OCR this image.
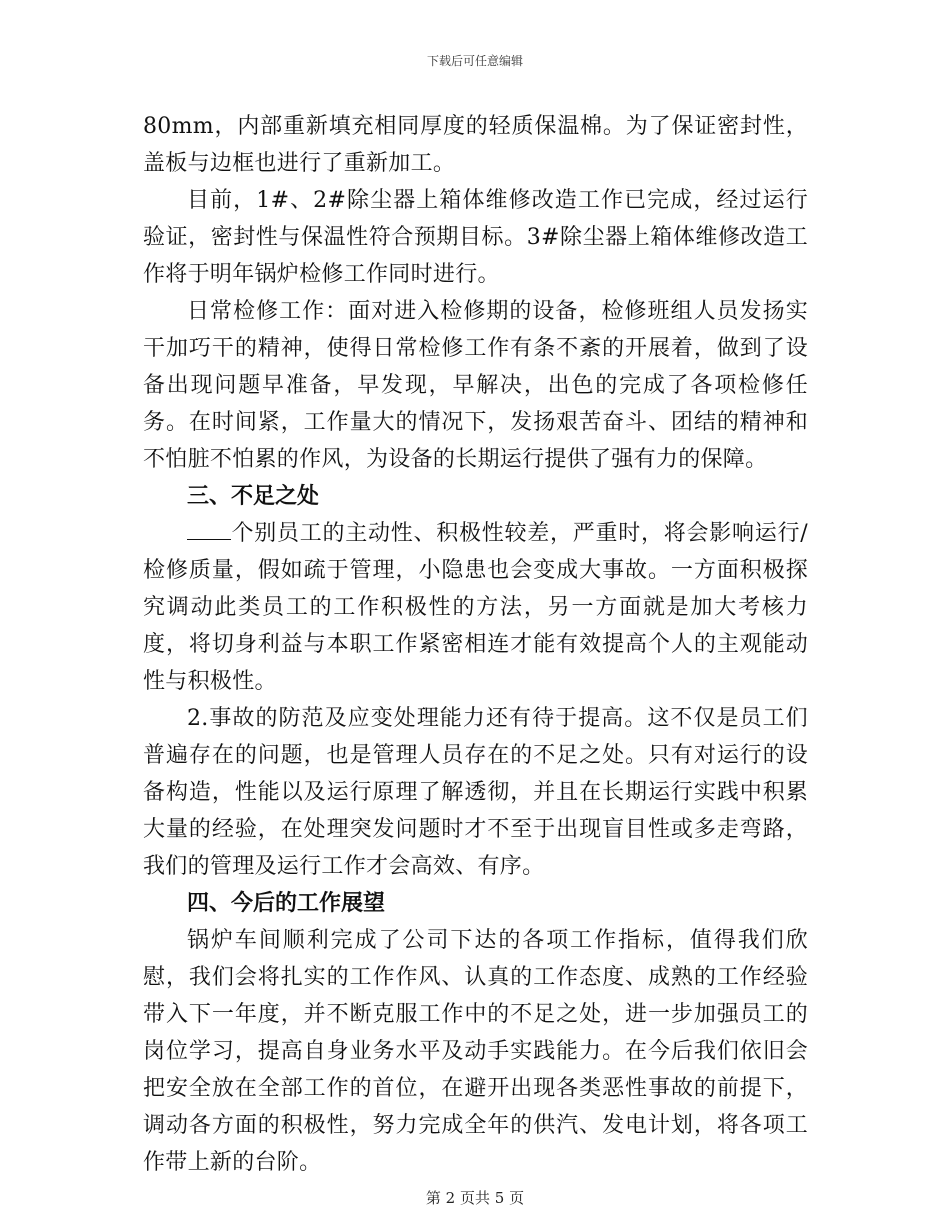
下载后可任意编辑

80mm，内部重新填充相同厚度的轻质保温棉。为了保证密封性，盖板与边框也进行了重新加工。

目前，1#、2#除尘器上箱体维修改造工作已完成，经过运行验证，密封性与保温性符合预期目标。3#除尘器上箱体维修改造工作将于明年锅炉检修工作同时进行。

日常检修工作：面对进入检修期的设备，检修班组人员发扬实干加巧干的精神，使得日常检修工作有条不紊的开展着，做到了设备出现问题早准备，早发现，早解决，出色的完成了各项检修任务。在时间紧，工作量大的情况下，发扬艰苦奋斗、团结的精神和不怕脏不怕累的作风，为设备的长期运行提供了强有力的保障。

三、不足之处

个别员工的主动性、积极性较差，严重时，将会影响运行/检修质量，假如疏于管理，小隐患也会变成大事故。一方面积极探究调动此类员工的工作积极性的方法，另一方面就是加大考核力度，将切身利益与本职工作紧密相连才能有效提高个人的主观能动性与积极性。

2.事故的防范及应变处理能力还有待于提高。这不仅是员工们普遍存在的问题，也是管理人员存在的不足之处。只有对运行的设备构造，性能以及运行原理了解透彻，并且在长期运行实践中积累大量的经验，在处理突发问题时才不至于出现盲目性或多走弯路，我们的管理及运行工作才会高效、有序。

四、今后的工作展望

锅炉车间顺利完成了公司下达的各项工作指标，值得我们欣慰，我们会将扎实的工作作风、认真的工作态度、成熟的工作经验带入下一年度，并不断克服工作中的不足之处，进一步加强员工的岗位学习，提高自身业务水平及动手实践能力。在今后我们依旧会把安全放在全部工作的首位，在避开出现各类恶性事故的前提下，调动各方面的积极性，努力完成全年的供汽、发电计划，将各项工作带上新的台阶。

第 2 页共 5 页
